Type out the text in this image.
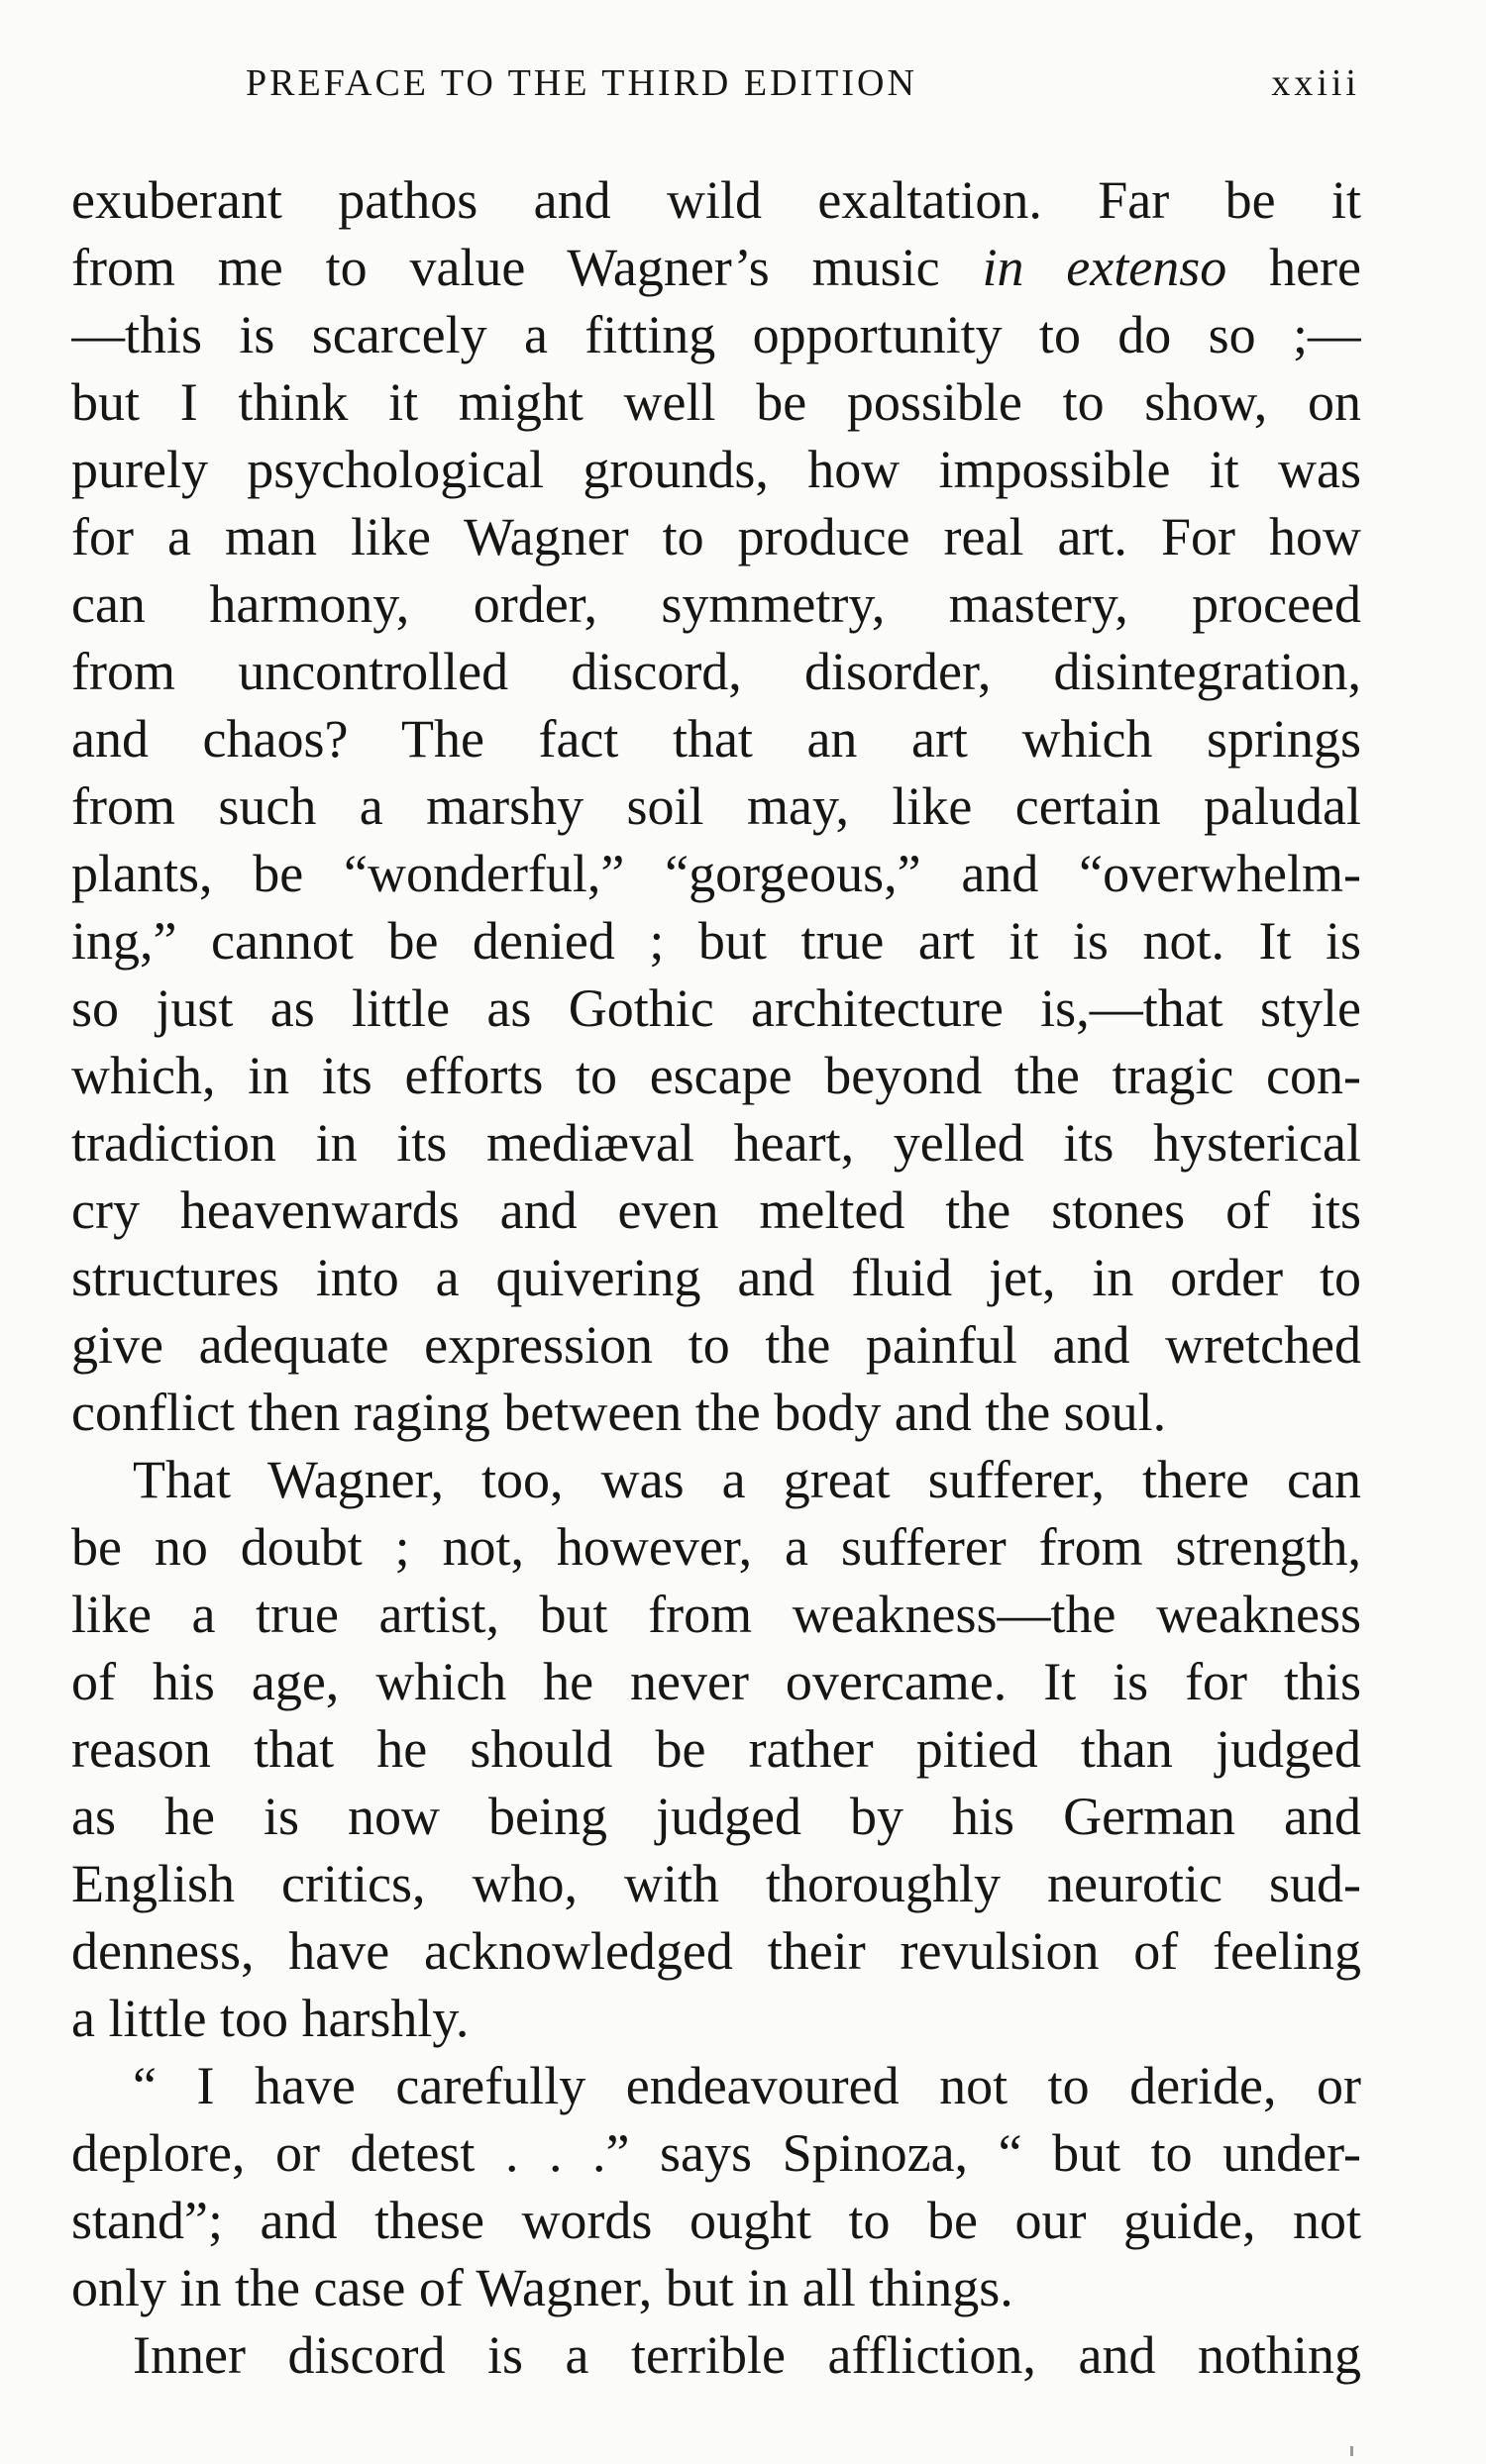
PREFACE TO THE THIRD EDITION	xxiii
exuberant pathos and wild exaltation. Far be it
from me to value Wagner’s music in extenso here
—this is scarcely a fitting opportunity to do so ;—
but I think it might well be possible to show, on
purely psychological grounds, how impossible it was
for a man like Wagner to produce real art. For how
can harmony, order, symmetry, mastery, proceed
from uncontrolled discord, disorder, disintegration,
and chaos? The fact that an art which springs
from such a marshy soil may, like certain paludal
plants, be “wonderful,” “gorgeous,” and “overwhelm-
ing,” cannot be denied ; but true art it is not. It is
so just as little as Gothic architecture is,—that style
which, in its efforts to escape beyond the tragic con-
tradiction in its mediæval heart, yelled its hysterical
cry heavenwards and even melted the stones of its
structures into a quivering and fluid jet, in order to
give adequate expression to the painful and wretched
conflict then raging between the body and the soul.
That Wagner, too, was a great sufferer, there can
be no doubt ; not, however, a sufferer from strength,
like a true artist, but from weakness—the weakness
of his age, which he never overcame. It is for this
reason that he should be rather pitied than judged
as he is now being judged by his German and
English critics, who, with thoroughly neurotic sud-
denness, have acknowledged their revulsion of feeling
a little too harshly.
“ I have carefully endeavoured not to deride, or
deplore, or detest . . .” says Spinoza, “ but to under-
stand”; and these words ought to be our guide, not
only in the case of Wagner, but in all things.
Inner discord is a terrible affliction, and nothing
